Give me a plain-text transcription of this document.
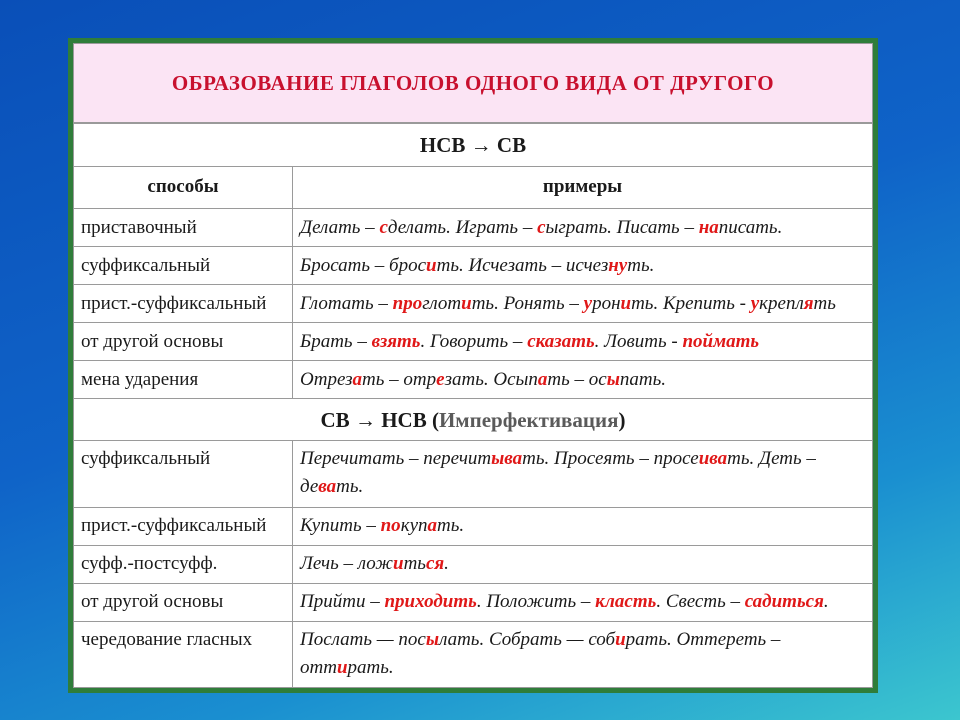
ОБРАЗОВАНИЕ ГЛАГОЛОВ ОДНОГО ВИДА ОТ ДРУГОГО	
НСВ → СВ	
способы	примеры
приставочный	Делать – сделать. Играть – сыграть. Писать – написать.
суффиксальный	Бросать – бросить. Исчезать – исчезнуть.
прист.-суффиксальный	Глотать – проглотить. Ронять – уронить. Крепить - укреплять
от другой основы	Брать – взять. Говорить – сказать. Ловить - поймать
мена ударения	Отрезать – отрезать. Осыпать – осыпать.
СВ → НСВ (Имперфективация)	
суффиксальный	Перечитать – перечитывать. Просеять – просеивать. Деть – девать.
прист.-суффиксальный	Купить – покупать.
суфф.-постсуфф.	Лечь – ложиться.
от другой основы	Прийти – приходить. Положить – класть. Свесть – садиться.
чередование гласных	Послать — посылать. Собрать — собирать. Оттереть – оттирать.
